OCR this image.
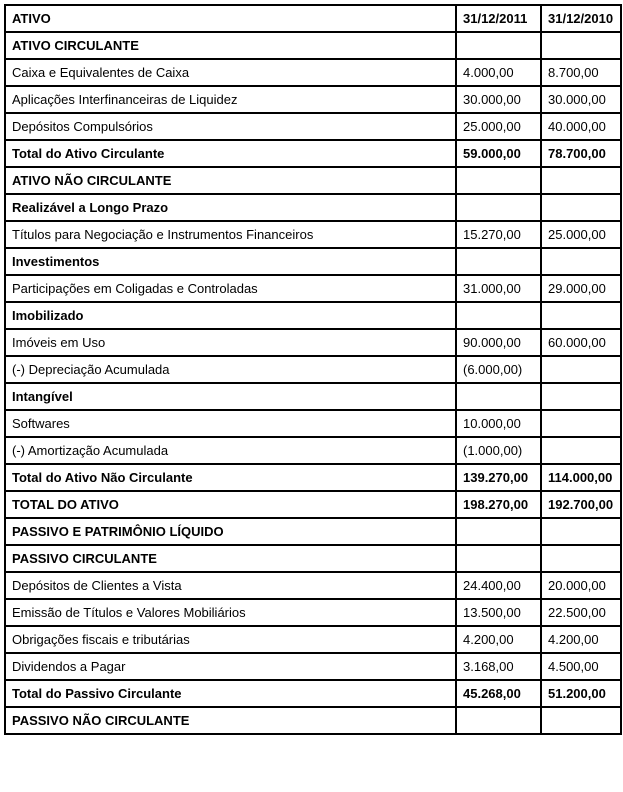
ATIVO	31/12/2011	31/12/2010
ATIVO CIRCULANTE		
Caixa e Equivalentes de Caixa	4.000,00	8.700,00
Aplicações Interfinanceiras de Liquidez	30.000,00	30.000,00
Depósitos Compulsórios	25.000,00	40.000,00
Total do Ativo Circulante	59.000,00	78.700,00
ATIVO NÃO CIRCULANTE		
Realizável a Longo Prazo		
Títulos para Negociação e Instrumentos Financeiros	15.270,00	25.000,00
Investimentos		
Participações em Coligadas e Controladas	31.000,00	29.000,00
Imobilizado		
Imóveis em Uso	90.000,00	60.000,00
(-) Depreciação Acumulada	(6.000,00)	
Intangível		
Softwares	10.000,00	
(-) Amortização Acumulada	(1.000,00)	
Total do Ativo Não Circulante	139.270,00	114.000,00
TOTAL DO ATIVO	198.270,00	192.700,00
PASSIVO E PATRIMÔNIO LÍQUIDO		
PASSIVO CIRCULANTE		
Depósitos de Clientes a Vista	24.400,00	20.000,00
Emissão de Títulos e Valores Mobiliários	13.500,00	22.500,00
Obrigações fiscais e tributárias	4.200,00	4.200,00
Dividendos a Pagar	3.168,00	4.500,00
Total do Passivo Circulante	45.268,00	51.200,00
PASSIVO NÃO CIRCULANTE		
